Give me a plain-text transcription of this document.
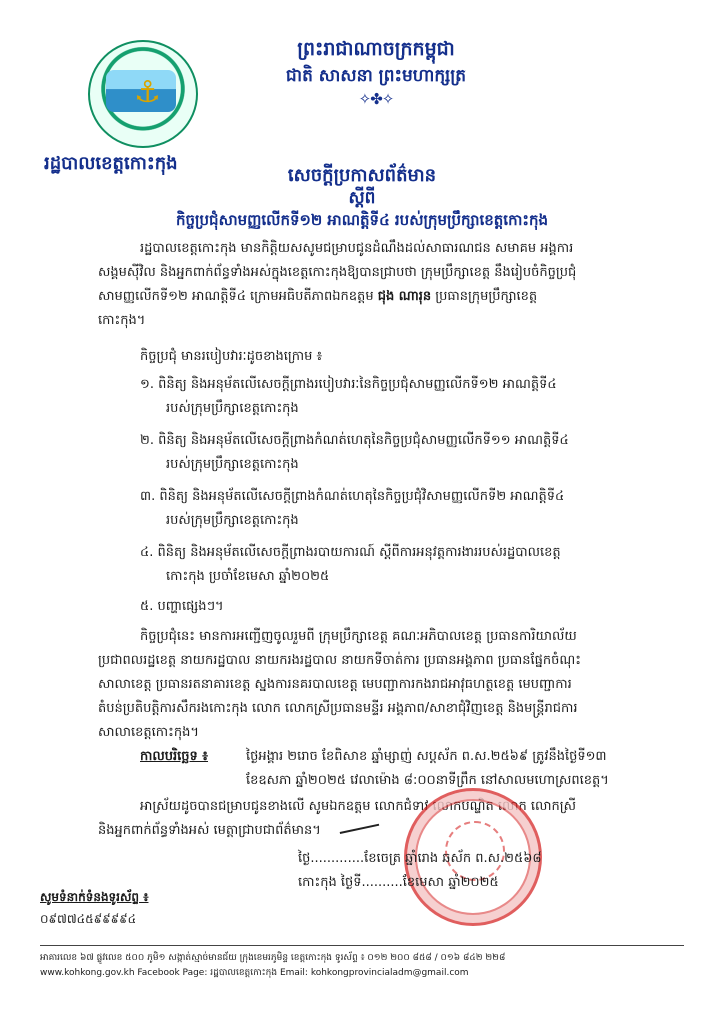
⚓
រដ្ឋបាលខេត្តកោះកុង
ព្រះរាជាណាចក្រកម្ពុជា
ជាតិ សាសនា ព្រះមហាក្សត្រ
✧✤✧
សេចក្តីប្រកាសព័ត៌មាន
ស្តីពី
កិច្ចប្រជុំសាមញ្ញលើកទី១២ អាណត្តិទី៤ របស់ក្រុមប្រឹក្សាខេត្តកោះកុង
រដ្ឋបាលខេត្តកោះកុង មានកិត្តិយសសូមជម្រាបជូនដំណឹងដល់សាធារណជន សមាគម អង្គការ
សង្គមស៊ីវិល និងអ្នកពាក់ព័ន្ធទាំងអស់ក្នុងខេត្តកោះកុងឱ្យបានជ្រាបថា ក្រុមប្រឹក្សាខេត្ត នឹងរៀបចំកិច្ចប្រជុំ
សាមញ្ញលើកទី១២ អាណត្តិទី៤ ក្រោមអធិបតីភាពឯកឧត្តម ជុង ណារុន ប្រធានក្រុមប្រឹក្សាខេត្ត
កោះកុង។
កិច្ចប្រជុំ មានរបៀបវារៈដូចខាងក្រោម ៖
១. ពិនិត្យ និងអនុម័តលើសេចក្តីព្រាងរបៀបវារៈនៃកិច្ចប្រជុំសាមញ្ញលើកទី១២ អាណត្តិទី៤
របស់ក្រុមប្រឹក្សាខេត្តកោះកុង
២. ពិនិត្យ និងអនុម័តលើសេចក្តីព្រាងកំណត់ហេតុនៃកិច្ចប្រជុំសាមញ្ញលើកទី១១ អាណត្តិទី៤
របស់ក្រុមប្រឹក្សាខេត្តកោះកុង
៣. ពិនិត្យ និងអនុម័តលើសេចក្តីព្រាងកំណត់ហេតុនៃកិច្ចប្រជុំវិសាមញ្ញលើកទី២ អាណត្តិទី៤
របស់ក្រុមប្រឹក្សាខេត្តកោះកុង
៤. ពិនិត្យ និងអនុម័តលើសេចក្តីព្រាងរបាយការណ៍ ស្តីពីការអនុវត្តការងាររបស់រដ្ឋបាលខេត្ត
កោះកុង ប្រចាំខែមេសា ឆ្នាំ២០២៥
៥. បញ្ហាផ្សេងៗ។
កិច្ចប្រជុំនេះ មានការអញ្ជើញចូលរួមពី ក្រុមប្រឹក្សាខេត្ត គណៈអភិបាលខេត្ត ប្រធានការិយាល័យ
ប្រជាពលរដ្ឋខេត្ត នាយករដ្ឋបាល នាយករងរដ្ឋបាល នាយកទីចាត់ការ ប្រធានអង្គភាព ប្រធានផ្នែកចំណុះ
សាលាខេត្ត ប្រធានរតនាគារខេត្ត ស្នងការនគរបាលខេត្ត មេបញ្ជាការកងរាជអាវុធហត្ថខេត្ត មេបញ្ជាការ
តំបន់ប្រតិបត្តិការសឹករងកោះកុង លោក លោកស្រីប្រធានមន្ទីរ អង្គភាព/សាខាជុំវិញខេត្ត និងមន្ត្រីរាជការ
សាលាខេត្តកោះកុង។
កាលបរិច្ឆេទ ៖	ថ្ងៃអង្គារ ២រោច ខែពិសាខ ឆ្នាំម្សាញ់ សប្តស័ក ព.ស.២៥៦៩ ត្រូវនឹងថ្ងៃទី១៣
ខែឧសភា ឆ្នាំ២០២៥ វេលាម៉ោង ៨:០០នាទីព្រឹក នៅសាលមហោស្រពខេត្ត។
អាស្រ័យដូចបានជម្រាបជូនខាងលើ សូមឯកឧត្តម លោកជំទាវ លោកបណ្ឌិត លោក លោកស្រី
និងអ្នកពាក់ព័ន្ធទាំងអស់ មេត្តាជ្រាបជាព័ត៌មាន។
ថ្ងៃ.............ខែចេត្រ ឆ្នាំរោង ឆស័ក ព.ស.២៥៦៨
កោះកុង ថ្ងៃទី..........ខែមេសា ឆ្នាំ២០២៥
សូមទំនាក់ទំនងទូរស័ព្ទ ៖
០៩៧៧៤៥៩៩៩៩៤
អាគារលេខ ៦៧ ផ្លូវលេខ ៥០០ ភូមិ១ សង្កាត់ស្មាច់មានជ័យ ក្រុងខេមរភូមិន្ទ ខេត្តកោះកុង ទូរស័ព្ទ ៖ ០១២ ២០០ ៨៥៨ / ០១៦ ៨៤២ ២២៨
www.kohkong.gov.kh Facebook Page: រដ្ឋបាលខេត្តកោះកុង Email: kohkongprovincialadm@gmail.com
